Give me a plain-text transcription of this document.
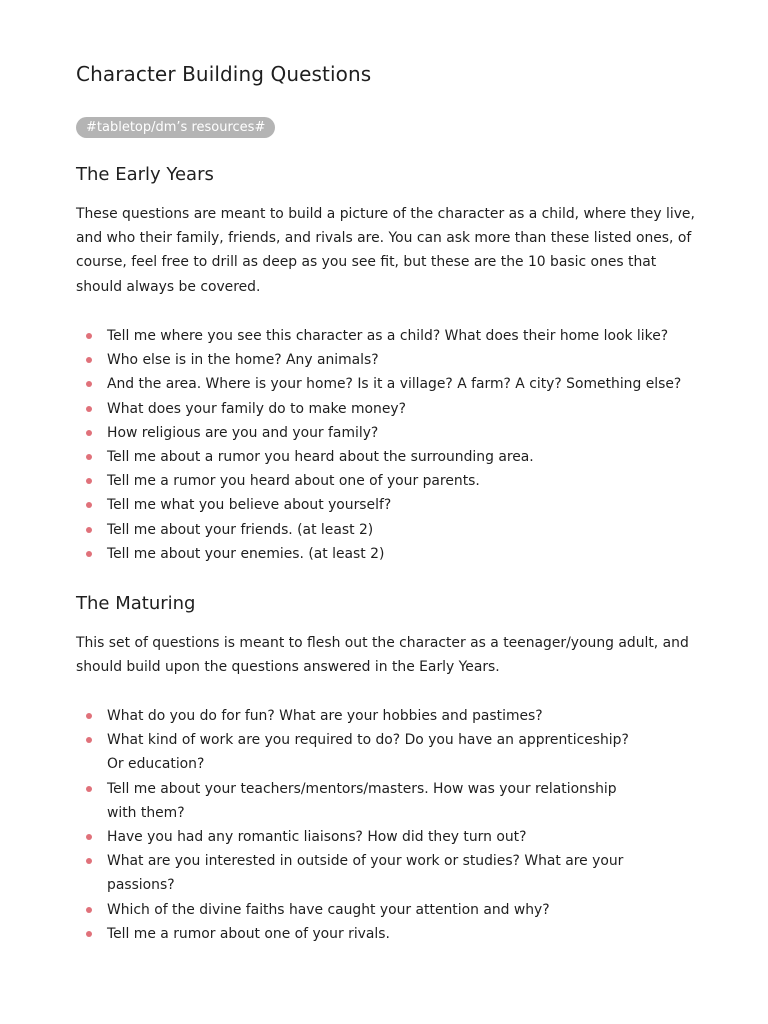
Character Building Questions
#tabletop/dm’s resources#
The Early Years

These questions are meant to build a picture of the character as a child, where they live, and who their family, friends, and rivals are. You can ask more than these listed ones, of course, feel free to drill as deep as you see fit, but these are the 10 basic ones that should always be covered.

Tell me where you see this character as a child? What does their home look like?
Who else is in the home? Any animals?
And the area. Where is your home? Is it a village? A farm? A city? Something else?
What does your family do to make money?
How religious are you and your family?
Tell me about a rumor you heard about the surrounding area.
Tell me a rumor you heard about one of your parents.
Tell me what you believe about yourself?
Tell me about your friends. (at least 2)
Tell me about your enemies. (at least 2)
The Maturing

This set of questions is meant to flesh out the character as a teenager/young adult, and should build upon the questions answered in the Early Years.

What do you do for fun? What are your hobbies and pastimes?
What kind of work are you required to do? Do you have an apprenticeship? Or education?
Tell me about your teachers/mentors/masters. How was your relationship with them?
Have you had any romantic liaisons? How did they turn out?
What are you interested in outside of your work or studies? What are your passions?
Which of the divine faiths have caught your attention and why?
Tell me a rumor about one of your rivals.
